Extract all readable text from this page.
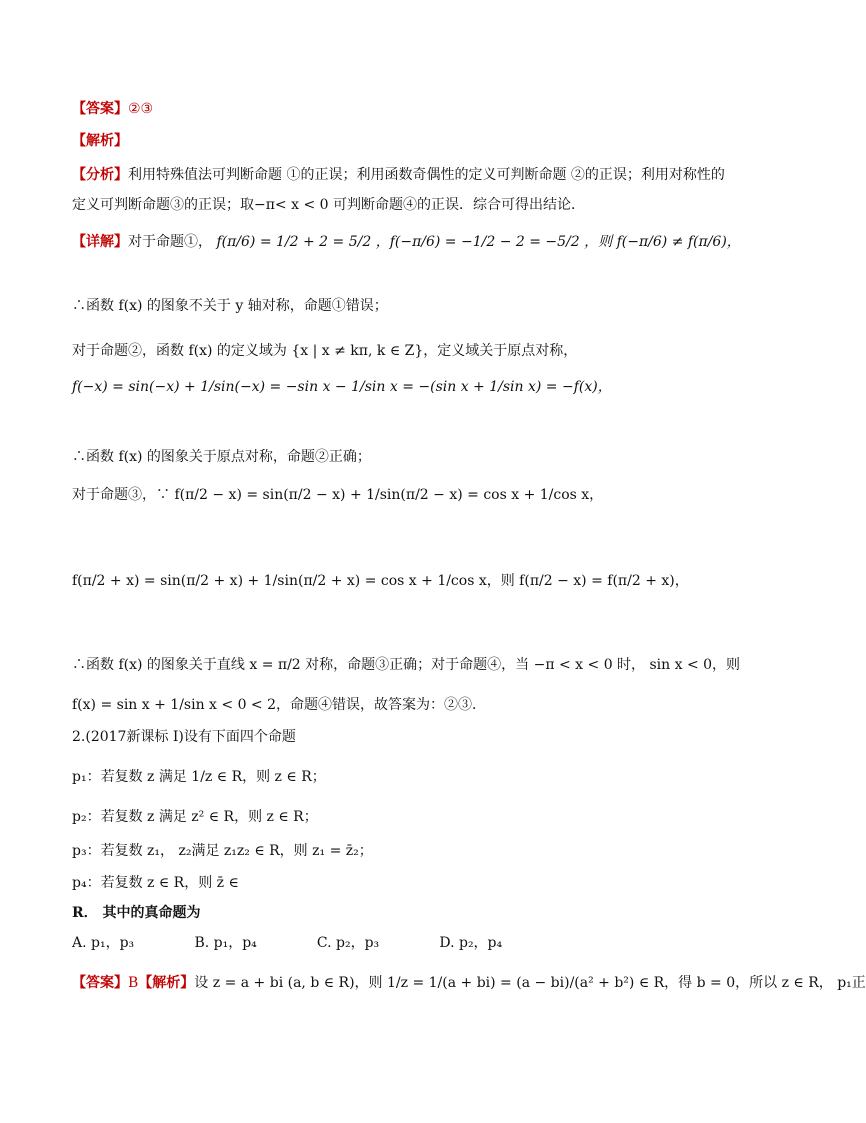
【答案】②③
【解析】
【分析】利用特殊值法可判断命题 ①的正误；利用函数奇偶性的定义可判断命题 ②的正误；利用对称性的
定义可判断命题③的正误；取−π< x < 0 可判断命题④的正误．综合可得出结论．
【详解】对于命题①， f(π/6) = 1/2 + 2 = 5/2 ，f(−π/6) = −1/2 − 2 = −5/2 ，则 f(−π/6) ≠ f(π/6)，
∴函数 f(x) 的图象不关于 y 轴对称，命题①错误；
对于命题②，函数 f(x) 的定义域为 {x | x ≠ kπ, k ∈ Z}，定义域关于原点对称，
f(−x) = sin(−x) + 1/sin(−x) = −sin x − 1/sin x = −(sin x + 1/sin x) = −f(x)，
∴函数 f(x) 的图象关于原点对称，命题②正确；
对于命题③，∵ f(π/2 − x) = sin(π/2 − x) + 1/sin(π/2 − x) = cos x + 1/cos x，
f(π/2 + x) = sin(π/2 + x) + 1/sin(π/2 + x) = cos x + 1/cos x，则 f(π/2 − x) = f(π/2 + x)，
∴函数 f(x) 的图象关于直线 x = π/2 对称，命题③正确；对于命题④，当 −π < x < 0 时， sin x < 0，则
f(x) = sin x + 1/sin x < 0 < 2，命题④错误，故答案为：②③．
2.(2017新课标 I)设有下面四个命题
p₁：若复数 z 满足 1/z ∈ R，则 z ∈ R；
p₂：若复数 z 满足 z² ∈ R，则 z ∈ R；
p₃：若复数 z₁， z₂满足 z₁z₂ ∈ R，则 z₁ = z̄₂；
p₄：若复数 z ∈ R，则 z̄ ∈
R． 其中的真命题为
A. p₁，p₃	B. p₁，p₄	C. p₂，p₃	D. p₂，p₄
【答案】B【解析】设 z = a + bi (a, b ∈ R)，则 1/z = 1/(a + bi) = (a − bi)/(a² + b²) ∈ R，得 b = 0，所以 z ∈ R， p₁正
